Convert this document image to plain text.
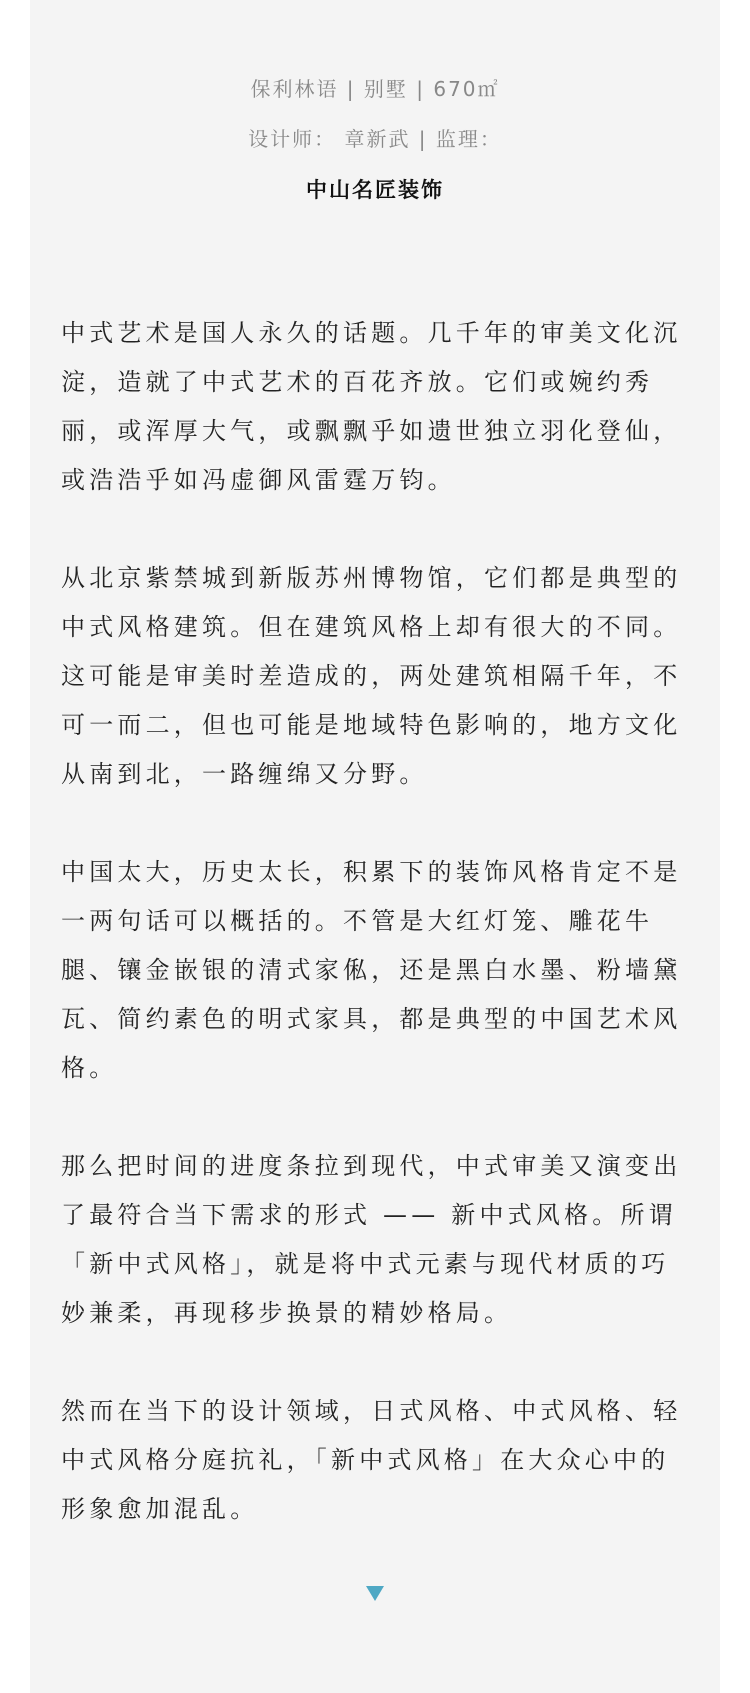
保利林语 | 别墅 | 670㎡
设计师： 章新武 | 监理：
中山名匠装饰
中式艺术是国人永久的话题。几千年的审美文化沉
淀，造就了中式艺术的百花齐放。它们或婉约秀
丽，或浑厚大气，或飘飘乎如遗世独立羽化登仙，
或浩浩乎如冯虚御风雷霆万钧。
从北京紫禁城到新版苏州博物馆，它们都是典型的
中式风格建筑。但在建筑风格上却有很大的不同。
这可能是审美时差造成的，两处建筑相隔千年，不
可一而二，但也可能是地域特色影响的，地方文化
从南到北，一路缠绵又分野。
中国太大，历史太长，积累下的装饰风格肯定不是
一两句话可以概括的。不管是大红灯笼、雕花牛
腿、镶金嵌银的清式家俬，还是黑白水墨、粉墙黛
瓦、简约素色的明式家具，都是典型的中国艺术风
格。
那么把时间的进度条拉到现代，中式审美又演变出
了最符合当下需求的形式 —— 新中式风格。所谓
「新中式风格」，就是将中式元素与现代材质的巧
妙兼柔，再现移步换景的精妙格局。
然而在当下的设计领域，日式风格、中式风格、轻
中式风格分庭抗礼，「新中式风格」在大众心中的
形象愈加混乱。
